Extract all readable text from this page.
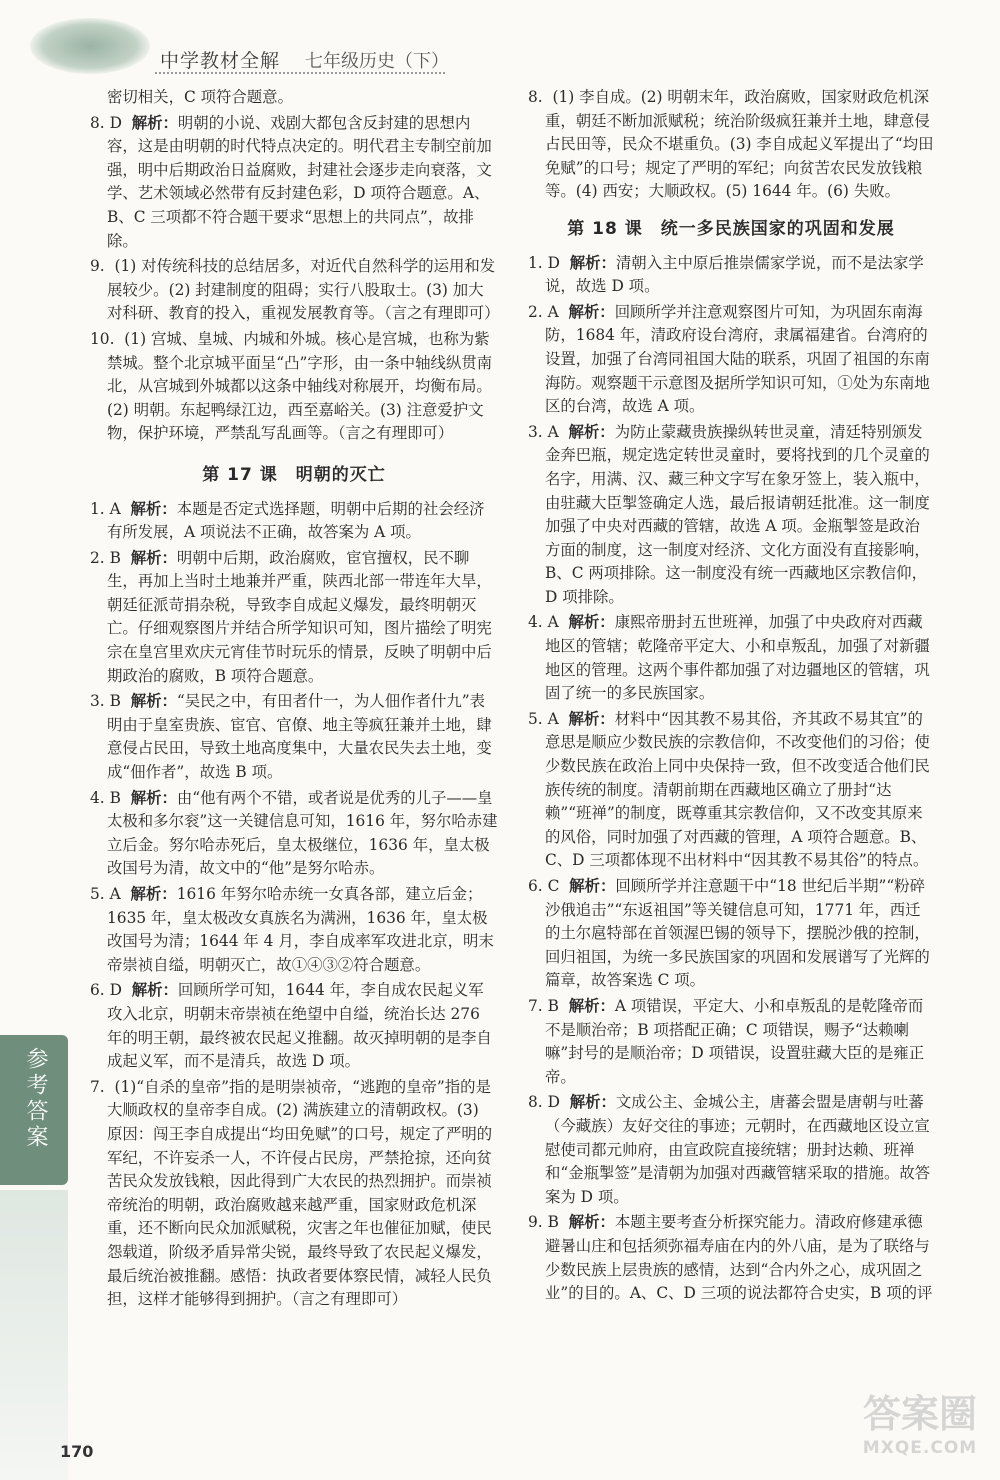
中学教材全解 七年级历史（下）

密切相关，C 项符合题意。

8. D 解析：明朝的小说、戏剧大都包含反封建的思想内容，这是由明朝的时代特点决定的。明代君主专制空前加强，明中后期政治日益腐败，封建社会逐步走向衰落，文学、艺术领域必然带有反封建色彩，D 项符合题意。A、B、C 三项都不符合题干要求“思想上的共同点”，故排除。

9. (1) 对传统科技的总结居多，对近代自然科学的运用和发展较少。(2) 封建制度的阻碍；实行八股取士。(3) 加大对科研、教育的投入，重视发展教育等。（言之有理即可）

10. (1) 宫城、皇城、内城和外城。核心是宫城，也称为紫禁城。整个北京城平面呈“凸”字形，由一条中轴线纵贯南北，从宫城到外城都以这条中轴线对称展开，均衡布局。(2) 明朝。东起鸭绿江边，西至嘉峪关。(3) 注意爱护文物，保护环境，严禁乱写乱画等。（言之有理即可）

第 17 课　明朝的灭亡

1. A 解析：本题是否定式选择题，明朝中后期的社会经济有所发展，A 项说法不正确，故答案为 A 项。

2. B 解析：明朝中后期，政治腐败，宦官擅权，民不聊生，再加上当时土地兼并严重，陕西北部一带连年大旱，朝廷征派苛捐杂税，导致李自成起义爆发，最终明朝灭亡。仔细观察图片并结合所学知识可知，图片描绘了明宪宗在皇宫里欢庆元宵佳节时玩乐的情景，反映了明朝中后期政治的腐败，B 项符合题意。

3. B 解析：“吴民之中，有田者什一，为人佃作者什九”表明由于皇室贵族、宦官、官僚、地主等疯狂兼并土地，肆意侵占民田，导致土地高度集中，大量农民失去土地，变成“佃作者”，故选 B 项。

4. B 解析：由“他有两个不错，或者说是优秀的儿子——皇太极和多尔衮”这一关键信息可知，1616 年，努尔哈赤建立后金。努尔哈赤死后，皇太极继位，1636 年，皇太极改国号为清，故文中的“他”是努尔哈赤。

5. A 解析：1616 年努尔哈赤统一女真各部，建立后金；1635 年，皇太极改女真族名为满洲，1636 年，皇太极改国号为清；1644 年 4 月，李自成率军攻进北京，明末帝崇祯自缢，明朝灭亡，故①④③②符合题意。

6. D 解析：回顾所学可知，1644 年，李自成农民起义军攻入北京，明朝末帝崇祯在绝望中自缢，统治长达 276 年的明王朝，最终被农民起义推翻。故灭掉明朝的是李自成起义军，而不是清兵，故选 D 项。

7. (1)“自杀的皇帝”指的是明崇祯帝，“逃跑的皇帝”指的是大顺政权的皇帝李自成。(2) 满族建立的清朝政权。(3) 原因：闯王李自成提出“均田免赋”的口号，规定了严明的军纪，不许妄杀一人，不许侵占民房，严禁抢掠，还向贫苦民众发放钱粮，因此得到广大农民的热烈拥护。而崇祯帝统治的明朝，政治腐败越来越严重，国家财政危机深重，还不断向民众加派赋税，灾害之年也催征加赋，使民怨载道，阶级矛盾异常尖锐，最终导致了农民起义爆发，最后统治被推翻。感悟：执政者要体察民情，减轻人民负担，这样才能够得到拥护。（言之有理即可）

8. (1) 李自成。(2) 明朝末年，政治腐败，国家财政危机深重，朝廷不断加派赋税；统治阶级疯狂兼并土地，肆意侵占民田等，民众不堪重负。(3) 李自成起义军提出了“均田免赋”的口号；规定了严明的军纪；向贫苦农民发放钱粮等。(4) 西安；大顺政权。(5) 1644 年。(6) 失败。

第 18 课　统一多民族国家的巩固和发展

1. D 解析：清朝入主中原后推崇儒家学说，而不是法家学说，故选 D 项。

2. A 解析：回顾所学并注意观察图片可知，为巩固东南海防，1684 年，清政府设台湾府，隶属福建省。台湾府的设置，加强了台湾同祖国大陆的联系，巩固了祖国的东南海防。观察题干示意图及据所学知识可知，①处为东南地区的台湾，故选 A 项。

3. A 解析：为防止蒙藏贵族操纵转世灵童，清廷特别颁发金奔巴瓶，规定选定转世灵童时，要将找到的几个灵童的名字，用满、汉、藏三种文字写在象牙签上，装入瓶中，由驻藏大臣掣签确定人选，最后报请朝廷批准。这一制度加强了中央对西藏的管辖，故选 A 项。金瓶掣签是政治方面的制度，这一制度对经济、文化方面没有直接影响，B、C 两项排除。这一制度没有统一西藏地区宗教信仰，D 项排除。

4. A 解析：康熙帝册封五世班禅，加强了中央政府对西藏地区的管辖；乾隆帝平定大、小和卓叛乱，加强了对新疆地区的管理。这两个事件都加强了对边疆地区的管辖，巩固了统一的多民族国家。

5. A 解析：材料中“因其教不易其俗，齐其政不易其宜”的意思是顺应少数民族的宗教信仰，不改变他们的习俗；使少数民族在政治上同中央保持一致，但不改变适合他们民族传统的制度。清朝前期在西藏地区确立了册封“达赖”“班禅”的制度，既尊重其宗教信仰，又不改变其原来的风俗，同时加强了对西藏的管理，A 项符合题意。B、C、D 三项都体现不出材料中“因其教不易其俗”的特点。

6. C 解析：回顾所学并注意题干中“18 世纪后半期”“粉碎沙俄追击”“东返祖国”等关键信息可知，1771 年，西迁的土尔扈特部在首领渥巴锡的领导下，摆脱沙俄的控制，回归祖国，为统一多民族国家的巩固和发展谱写了光辉的篇章，故答案选 C 项。

7. B 解析：A 项错误，平定大、小和卓叛乱的是乾隆帝而不是顺治帝；B 项搭配正确；C 项错误，赐予“达赖喇嘛”封号的是顺治帝；D 项错误，设置驻藏大臣的是雍正帝。

8. D 解析：文成公主、金城公主，唐蕃会盟是唐朝与吐蕃（今藏族）友好交往的事迹；元朝时，在西藏地区设立宣慰使司都元帅府，由宣政院直接统辖；册封达赖、班禅和“金瓶掣签”是清朝为加强对西藏管辖采取的措施。故答案为 D 项。

9. B 解析：本题主要考查分析探究能力。清政府修建承德避暑山庄和包括须弥福寿庙在内的外八庙，是为了联络与少数民族上层贵族的感情，达到“合内外之心，成巩固之业”的目的。A、C、D 三项的说法都符合史实，B 项的评

参考答案
170
答案圈
MXQE.COM
